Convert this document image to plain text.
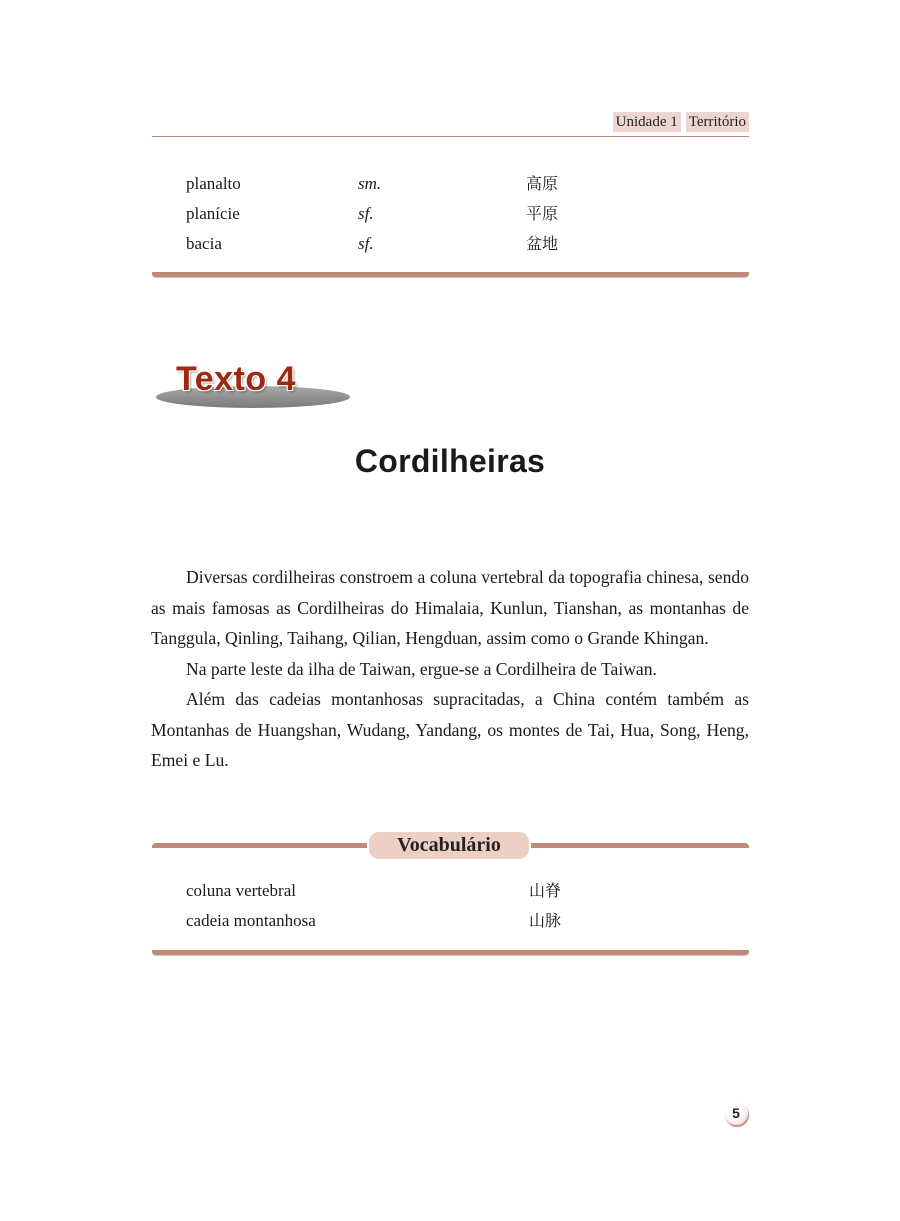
Unidade 1 Território
planalto	sm.	高原
planície	sf.	平原
bacia	sf.	盆地
Texto 4
Cordilheiras

Diversas cordilheiras constroem a coluna vertebral da topografia chinesa, sendo as mais famosas as Cordilheiras do Himalaia, Kunlun, Tianshan, as montanhas de Tanggula, Qinling, Taihang, Qilian, Hengduan, assim como o Grande Khingan.

Na parte leste da ilha de Taiwan, ergue-se a Cordilheira de Taiwan.

Além das cadeias montanhosas supracitadas, a China contém também as Montanhas de Huangshan, Wudang, Yandang, os montes de Tai, Hua, Song, Heng, Emei e Lu.

Vocabulário
coluna vertebral	山脊
cadeia montanhosa	山脉
5
